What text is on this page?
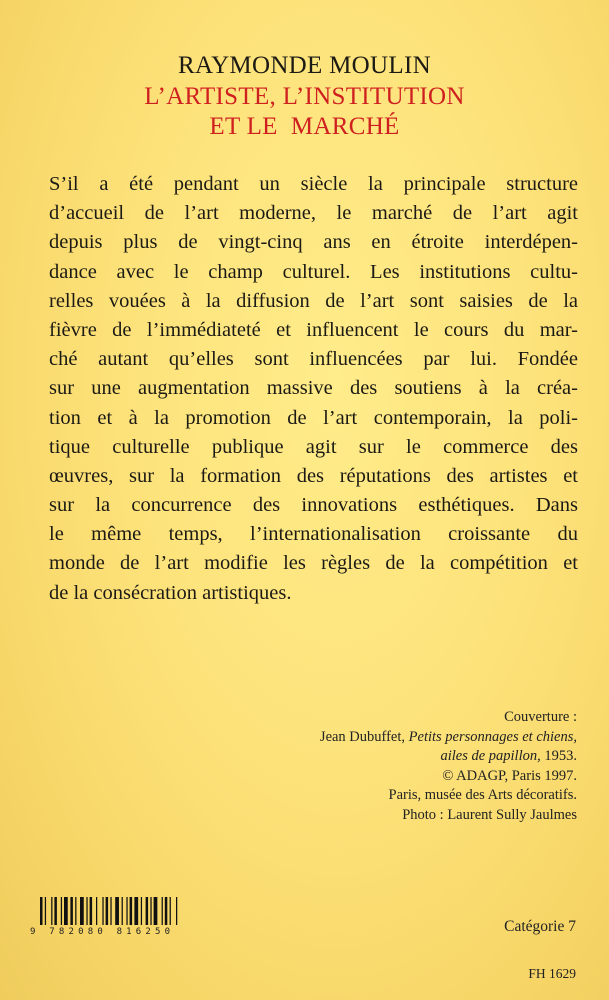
RAYMONDE MOULIN
L’ARTISTE, L’INSTITUTION
ET LE  MARCHÉ
S’il a été pendant un siècle la principale structure
d’accueil de l’art moderne, le marché de l’art agit
depuis plus de vingt-cinq ans en étroite interdépen-
dance avec le champ culturel. Les institutions cultu-
relles vouées à la diffusion de l’art sont saisies de la
fièvre de l’immédiateté et influencent le cours du mar-
ché autant qu’elles sont influencées par lui. Fondée
sur une augmentation massive des soutiens à la créa-
tion et à la promotion de l’art contemporain, la poli-
tique culturelle publique agit sur le commerce des
œuvres, sur la formation des réputations des artistes et
sur la concurrence des innovations esthétiques. Dans
le même temps, l’internationalisation croissante du
monde de l’art modifie les règles de la compétition et
de la consécration artistiques.
Couverture :
Jean Dubuffet, Petits personnages et chiens,
ailes de papillon, 1953.
© ADAGP, Paris 1997.
Paris, musée des Arts décoratifs.
Photo : Laurent Sully Jaulmes
9 782080 816250	Catégorie 7
FH 1629
